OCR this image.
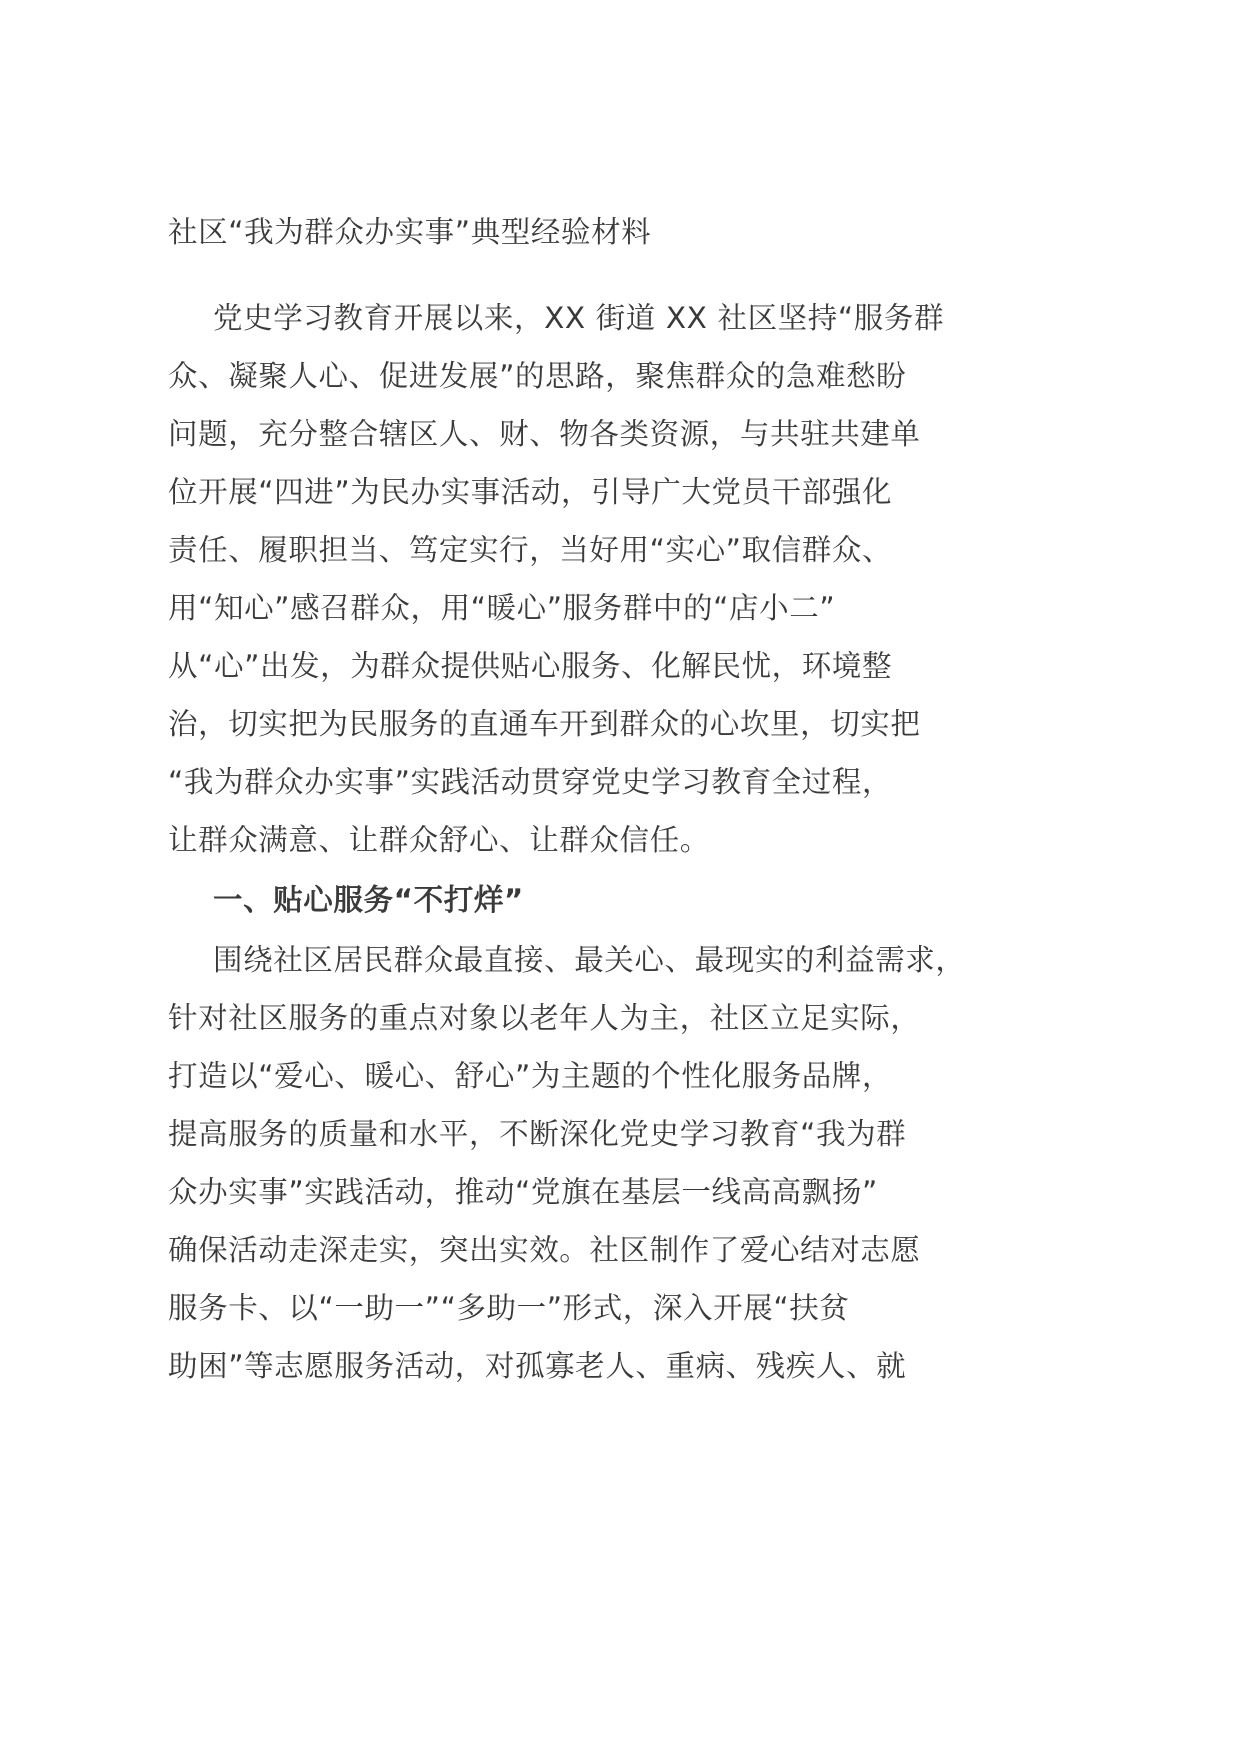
社区“我为群众办实事”典型经验材料
党史学习教育开展以来，XX 街道 XX 社区坚持“服务群
众、凝聚人心、促进发展”的思路，聚焦群众的急难愁盼
问题，充分整合辖区人、财、物各类资源，与共驻共建单
位开展“四进”为民办实事活动，引导广大党员干部强化
责任、履职担当、笃定实行，当好用“实心”取信群众、
用“知心”感召群众，用“暖心”服务群中的“店小二”
从“心”出发，为群众提供贴心服务、化解民忧，环境整
治，切实把为民服务的直通车开到群众的心坎里，切实把
“我为群众办实事”实践活动贯穿党史学习教育全过程，
让群众满意、让群众舒心、让群众信任。
一、贴心服务“不打烊”
围绕社区居民群众最直接、最关心、最现实的利益需求，
针对社区服务的重点对象以老年人为主，社区立足实际，
打造以“爱心、暖心、舒心”为主题的个性化服务品牌，
提高服务的质量和水平，不断深化党史学习教育“我为群
众办实事”实践活动，推动“党旗在基层一线高高飘扬”
确保活动走深走实，突出实效。社区制作了爱心结对志愿
服务卡、以“一助一”“多助一”形式，深入开展“扶贫
助困”等志愿服务活动，对孤寡老人、重病、残疾人、就
